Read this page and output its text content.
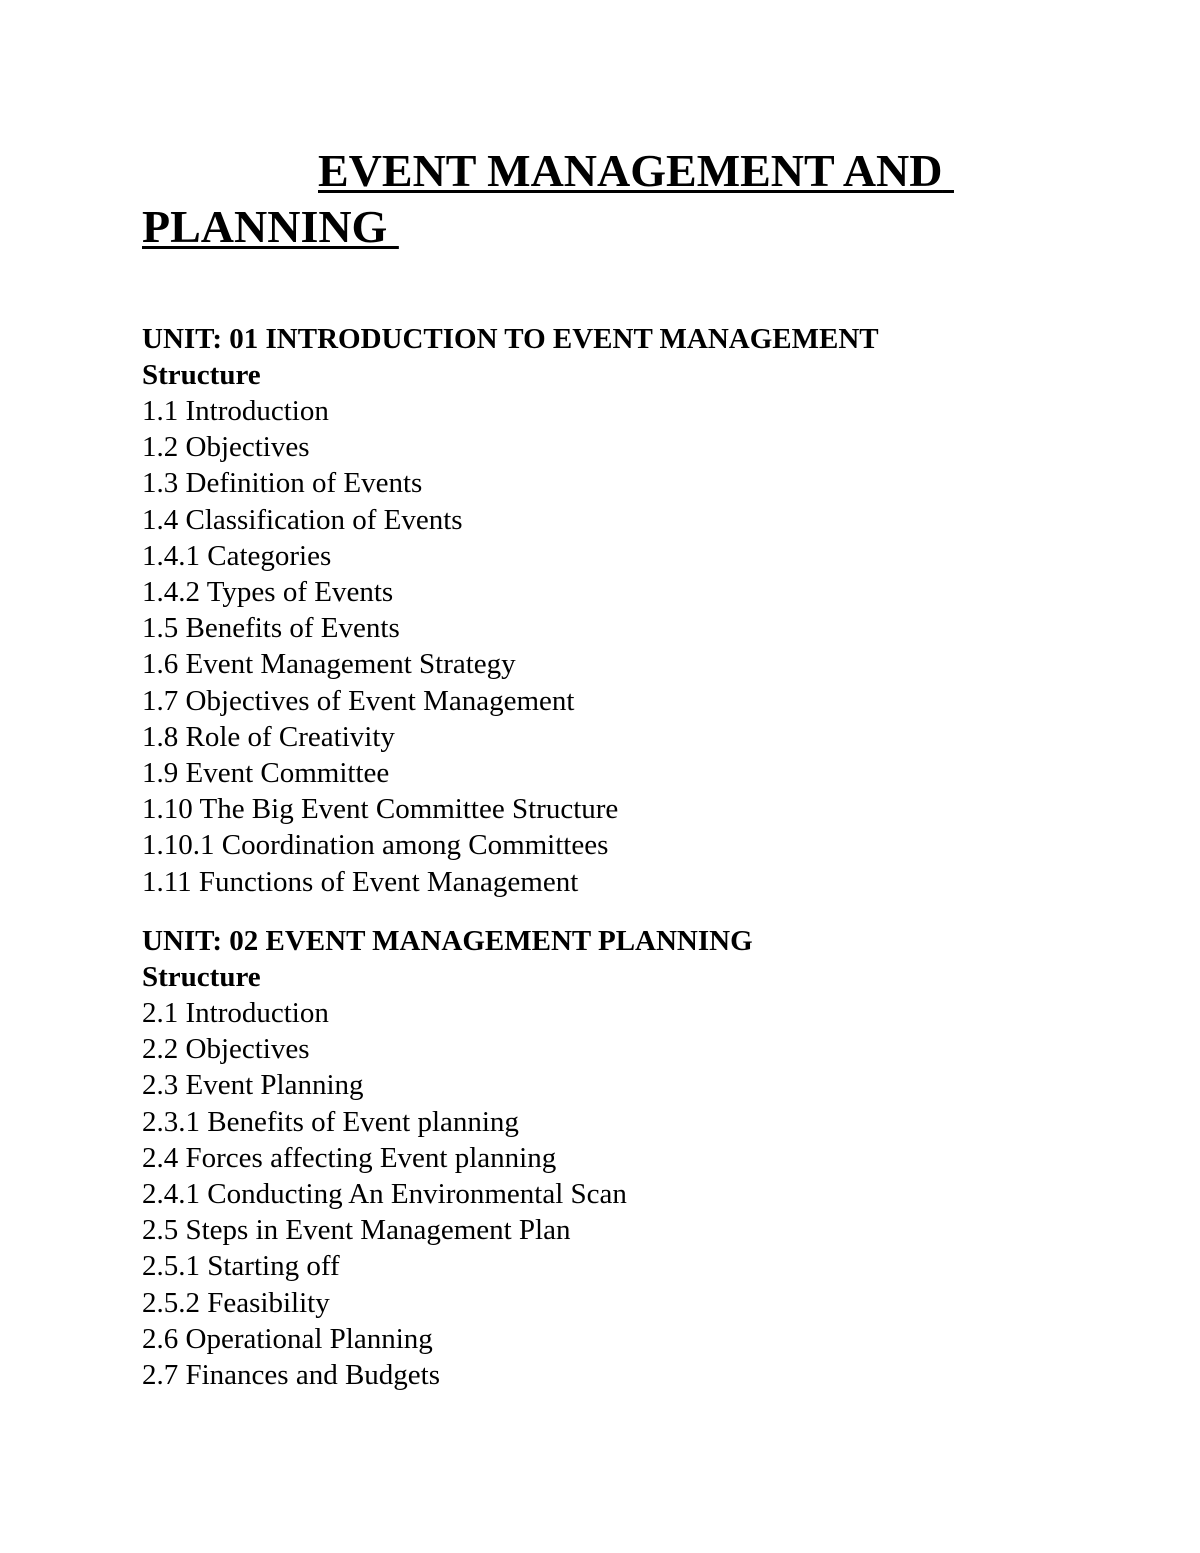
EVENT MANAGEMENT AND PLANNING
UNIT: 01 INTRODUCTION TO EVENT MANAGEMENT
Structure
1.1 Introduction
1.2 Objectives
1.3 Definition of Events
1.4 Classification of Events
1.4.1 Categories
1.4.2 Types of Events
1.5 Benefits of Events
1.6 Event Management Strategy
1.7 Objectives of Event Management
1.8 Role of Creativity
1.9 Event Committee
1.10 The Big Event Committee Structure
1.10.1 Coordination among Committees
1.11 Functions of Event Management
UNIT: 02 EVENT MANAGEMENT PLANNING
Structure
2.1 Introduction
2.2 Objectives
2.3 Event Planning
2.3.1 Benefits of Event planning
2.4 Forces affecting Event planning
2.4.1 Conducting An Environmental Scan
2.5 Steps in Event Management Plan
2.5.1 Starting off
2.5.2 Feasibility
2.6 Operational Planning
2.7 Finances and Budgets
